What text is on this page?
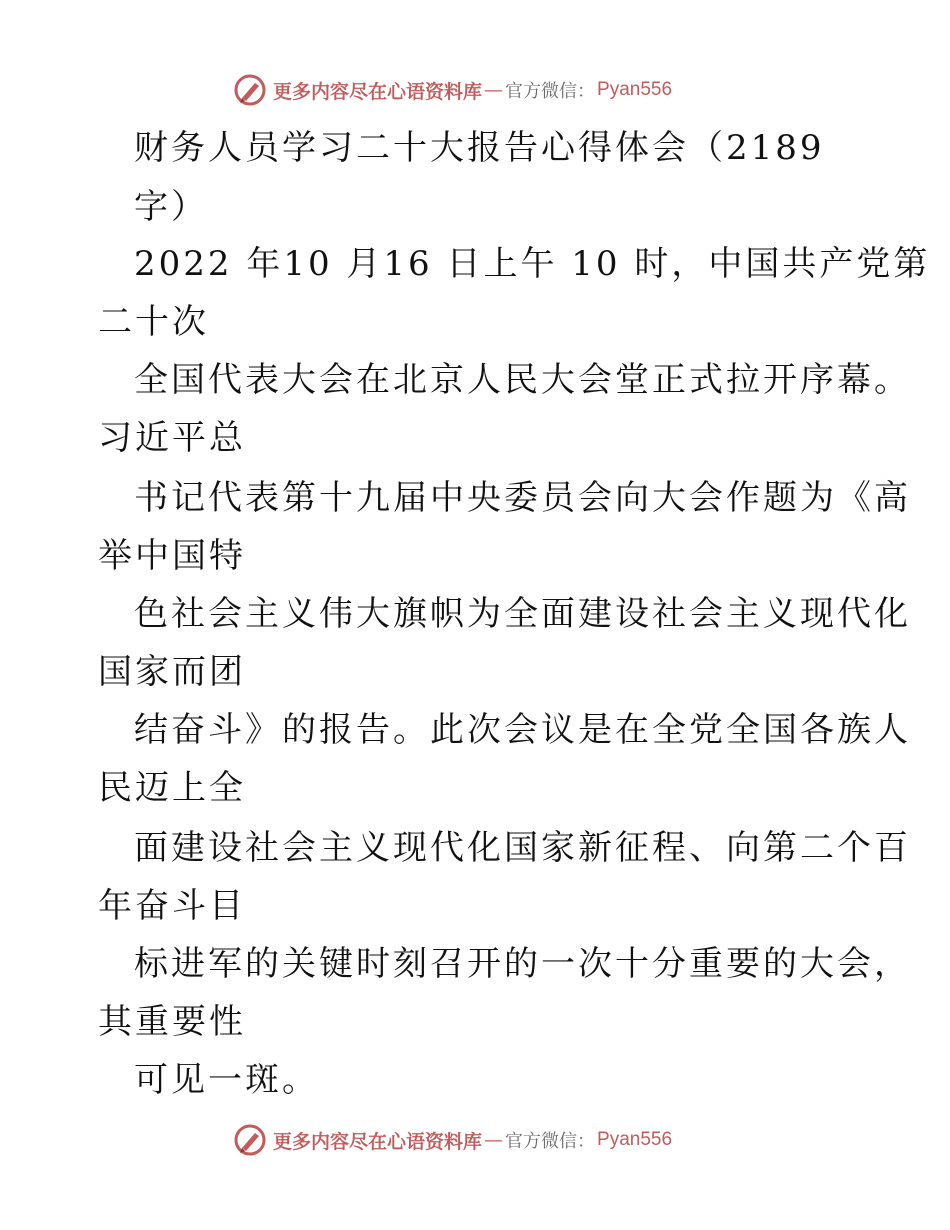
更多内容尽在心语资料库 — 官方微信： Pyan556
财务人员学习二十大报告心得体会（2189
字）
2022 年10 月16 日上午 10 时，中国共产党第
二十次
全国代表大会在北京人民大会堂正式拉开序幕。
习近平总
书记代表第十九届中央委员会向大会作题为《高
举中国特
色社会主义伟大旗帜为全面建设社会主义现代化
国家而团
结奋斗》的报告。此次会议是在全党全国各族人
民迈上全
面建设社会主义现代化国家新征程、向第二个百
年奋斗目
标进军的关键时刻召开的一次十分重要的大会，
其重要性
可见一斑。
更多内容尽在心语资料库 — 官方微信： Pyan556
